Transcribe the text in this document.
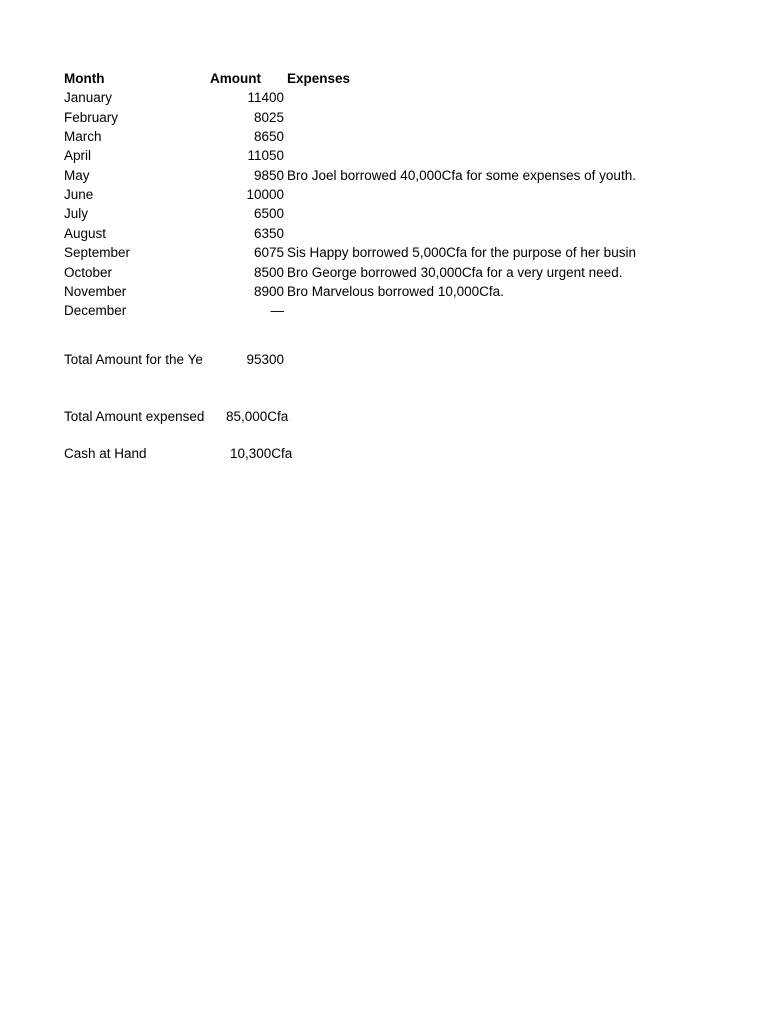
Month	Amount Expenses
January	11400
February	8025
March	8650
April	11050
May	9850 Bro Joel borrowed 40,000Cfa for some expenses of youth.
June	10000
July	6500
August	6350
September	6075 Sis Happy borrowed 5,000Cfa for the purpose of her busin
October	8500 Bro George borrowed 30,000Cfa for a very urgent need.
November	8900 Bro Marvelous borrowed 10,000Cfa.
December	—
Total Amount for the Ye	95300
Total Amount expensed 85,000Cfa
Cash at Hand	10,300Cfa
